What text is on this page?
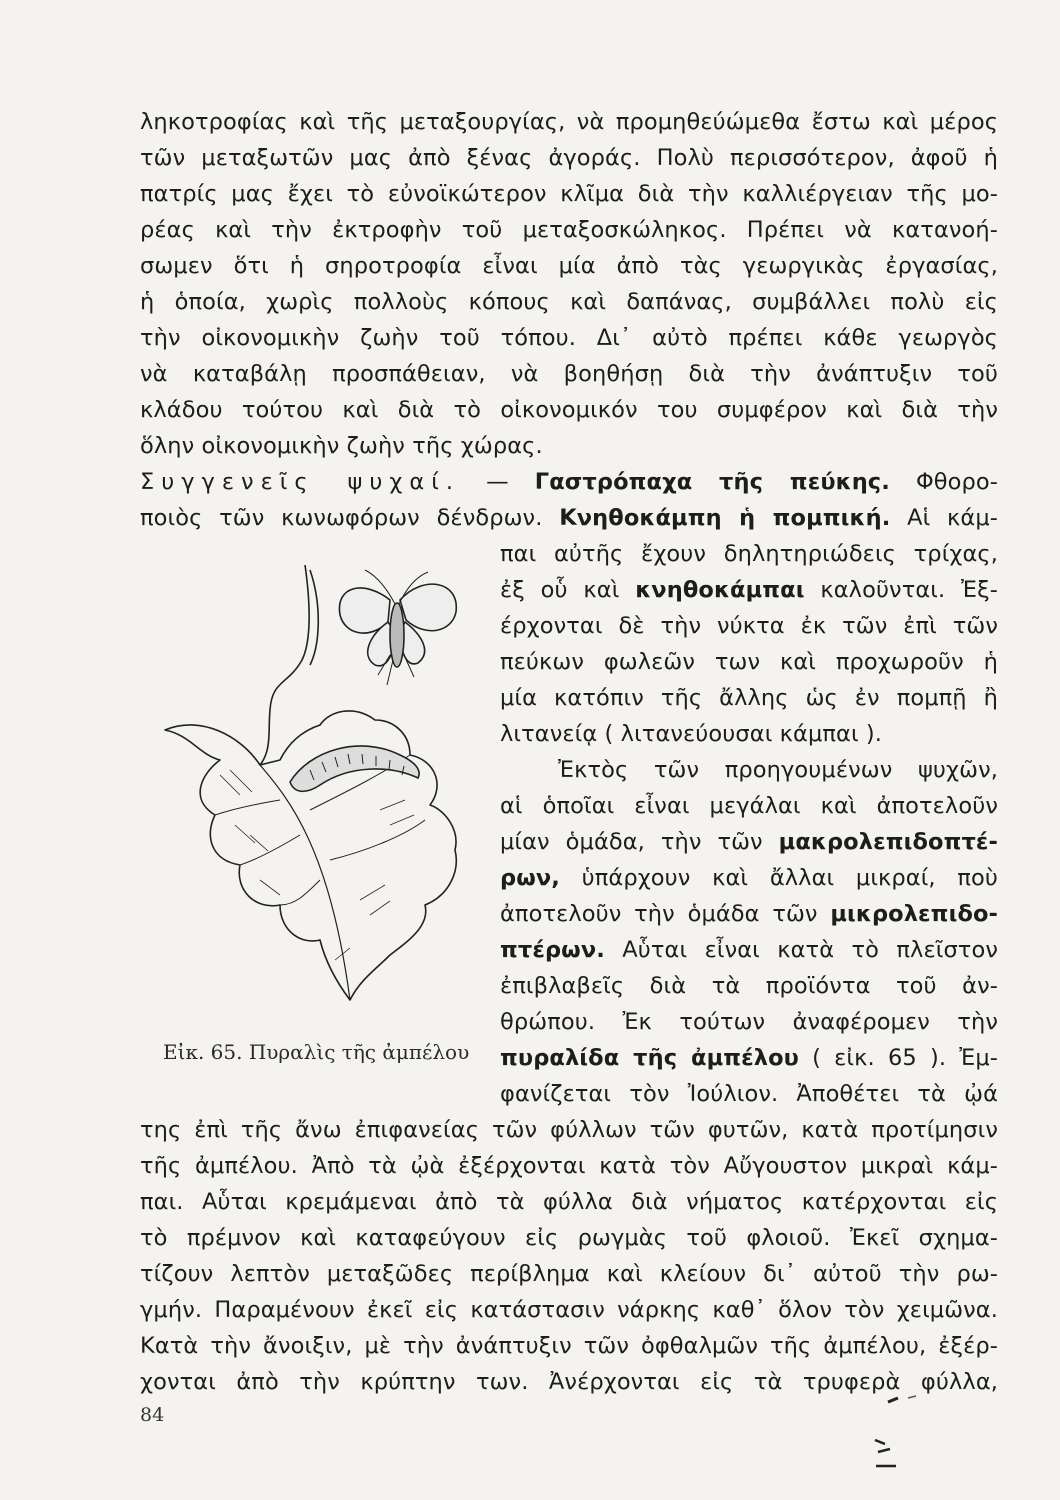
ληκοτροφίας καὶ τῆς μεταξουργίας, νὰ προμηθεύώμεθα ἔστω καὶ μέρος
τῶν μεταξωτῶν μας ἀπὸ ξένας ἀγοράς. Πολὺ περισσότερον, ἀφοῦ ἡ
πατρίς μας ἔχει τὸ εὐνοϊκώτερον κλῖμα διὰ τὴν καλλιέργειαν τῆς μο-
ρέας καὶ τὴν ἐκτροφὴν τοῦ μεταξοσκώληκος. Πρέπει νὰ κατανοή-
σωμεν ὅτι ἡ σηροτροφία εἶναι μία ἀπὸ τὰς γεωργικὰς ἐργασίας,
ἡ ὁποία, χωρὶς πολλοὺς κόπους καὶ δαπάνας, συμβάλλει πολὺ εἰς
τὴν οἰκονομικὴν ζωὴν τοῦ τόπου. Δι᾽ αὐτὸ πρέπει κάθε γεωργὸς
νὰ καταβάλῃ προσπάθειαν, νὰ βοηθήσῃ διὰ τὴν ἀνάπτυξιν τοῦ
κλάδου τούτου καὶ διὰ τὸ οἰκονομικόν του συμφέρον καὶ διὰ τὴν
ὅλην οἰκονομικὴν ζωὴν τῆς χώρας.
Συγγενεῖς ψυχαί. — Γαστρόπαχα τῆς πεύκης. Φθορο-
ποιὸς τῶν κωνωφόρων δένδρων. Κνηθοκάμπη ἡ πομπική. Αἱ κάμ-
παι αὐτῆς ἔχουν δηλητηριώδεις τρίχας,
ἐξ οὗ καὶ κνηθοκάμπαι καλοῦνται. Ἐξ-
έρχονται δὲ τὴν νύκτα ἐκ τῶν ἐπὶ τῶν
πεύκων φωλεῶν των καὶ προχωροῦν ἡ
μία κατόπιν τῆς ἄλλης ὡς ἐν πομπῇ ἢ
λιτανείᾳ ( λιτανεύουσαι κάμπαι ).
Ἐκτὸς τῶν προηγουμένων ψυχῶν,
αἱ ὁποῖαι εἶναι μεγάλαι καὶ ἀποτελοῦν
μίαν ὁμάδα, τὴν τῶν μακρολεπιδοπτέ-
ρων, ὑπάρχουν καὶ ἄλλαι μικραί, ποὺ
ἀποτελοῦν τὴν ὁμάδα τῶν μικρολεπιδο-
πτέρων. Αὗται εἶναι κατὰ τὸ πλεῖστον
ἐπιβλαβεῖς διὰ τὰ προϊόντα τοῦ ἀν-
θρώπου. Ἐκ τούτων ἀναφέρομεν τὴν
πυραλίδα τῆς ἀμπέλου ( εἰκ. 65 ). Ἐμ-
φανίζεται τὸν Ἰούλιον. Ἀποθέτει τὰ ᾠά
της ἐπὶ τῆς ἄνω ἐπιφανείας τῶν φύλλων τῶν φυτῶν, κατὰ προτίμησιν
τῆς ἀμπέλου. Ἀπὸ τὰ ᾠὰ ἐξέρχονται κατὰ τὸν Αὔγουστον μικραὶ κάμ-
παι. Αὗται κρεμάμεναι ἀπὸ τὰ φύλλα διὰ νήματος κατέρχονται εἰς
τὸ πρέμνον καὶ καταφεύγουν εἰς ρωγμὰς τοῦ φλοιοῦ. Ἐκεῖ σχημα-
τίζουν λεπτὸν μεταξῶδες περίβλημα καὶ κλείουν δι᾽ αὐτοῦ τὴν ρω-
γμήν. Παραμένουν ἐκεῖ εἰς κατάστασιν νάρκης καθ᾽ ὅλον τὸν χειμῶνα.
Κατὰ τὴν ἄνοιξιν, μὲ τὴν ἀνάπτυξιν τῶν ὀφθαλμῶν τῆς ἀμπέλου, ἐξέρ-
χονται ἀπὸ τὴν κρύπτην των. Ἀνέρχονται εἰς τὰ τρυφερὰ φύλλα,
Εἰκ. 65. Πυραλὶς τῆς ἀμπέλου
84
